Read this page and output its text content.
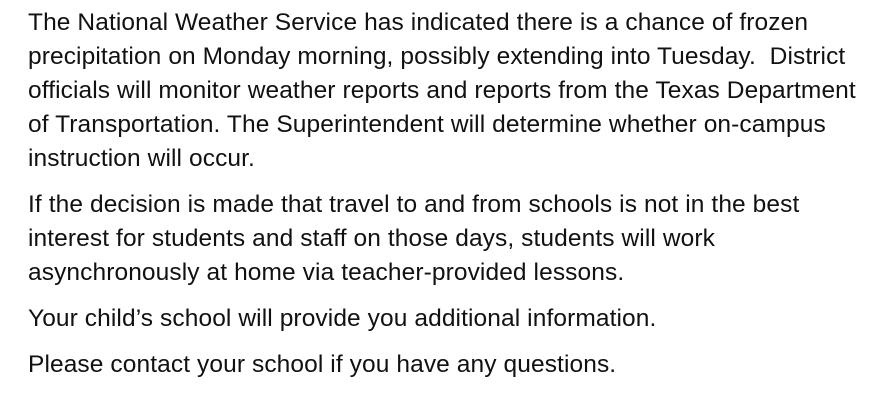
The National Weather Service has indicated there is a chance of frozen precipitation on Monday morning, possibly extending into Tuesday.  District officials will monitor weather reports and reports from the Texas Department of Transportation. The Superintendent will determine whether on-campus instruction will occur.

If the decision is made that travel to and from schools is not in the best interest for students and staff on those days, students will work asynchronously at home via teacher-provided lessons.

Your child’s school will provide you additional information.

Please contact your school if you have any questions.
